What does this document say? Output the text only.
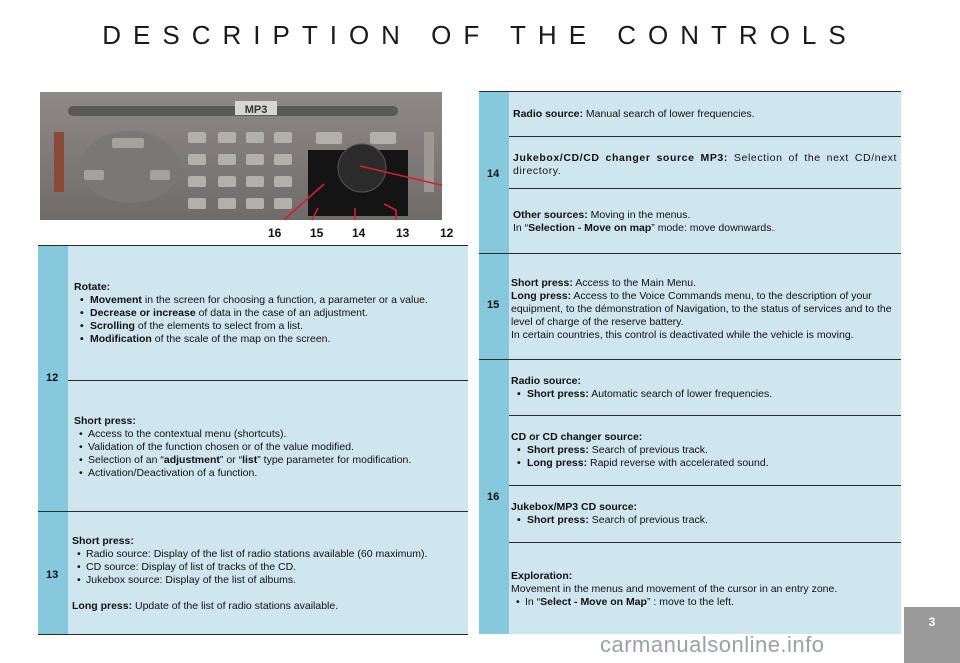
DESCRIPTION OF THE CONTROLS
MP3
16 15 14	13	12
12
13
Rotate:
• Movement in the screen for choosing a function, a parameter or a value.
• Decrease or increase of data in the case of an adjustment.
• Scrolling of the elements to select from a list.
• Modification of the scale of the map on the screen.
Short press:
• Access to the contextual menu (shortcuts).
• Validation of the function chosen or of the value modified.
• Selection of an “adjustment” or “list” type parameter for modification.
• Activation/Deactivation of a function.
Short press:
• Radio source: Display of the list of radio stations available (60 maximum).
• CD source: Display of list of tracks of the CD.
• Jukebox source: Display of the list of albums.
Long press: Update of the list of radio stations available.
14
15
16
Radio source: Manual search of lower frequencies.
Jukebox/CD/CD changer source MP3: Selection of the next CD/next directory.
Other sources: Moving in the menus.
In “Selection - Move on map” mode: move downwards.
Short press: Access to the Main Menu.
Long press: Access to the Voice Commands menu, to the description of your equipment, to the démonstration of Navigation, to the status of services and to the level of charge of the reserve battery.
In certain countries, this control is deactivated while the vehicle is moving.
Radio source:
• Short press: Automatic search of lower frequencies.
CD or CD changer source:
• Short press: Search of previous track.
• Long press: Rapid reverse with accelerated sound.
Jukebox/MP3 CD source:
• Short press: Search of previous track.
Exploration:
Movement in the menus and movement of the cursor in an entry zone.
• In “Select - Move on Map” : move to the left.
3
carmanualsonline.info
